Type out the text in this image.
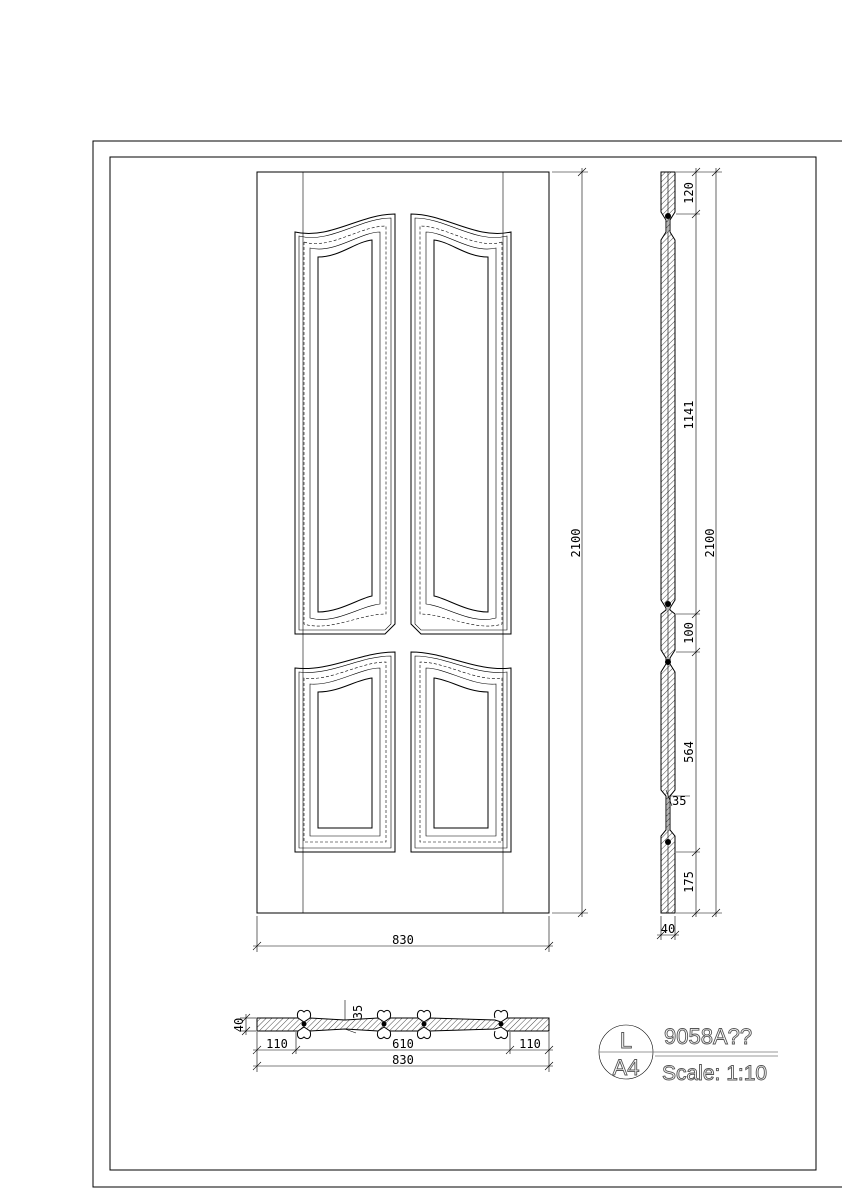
2100
830
120
1141
100
564
175
2100
35
40
40
35
110	610	110
830
L
A4
9058A??
Scale: 1:10
